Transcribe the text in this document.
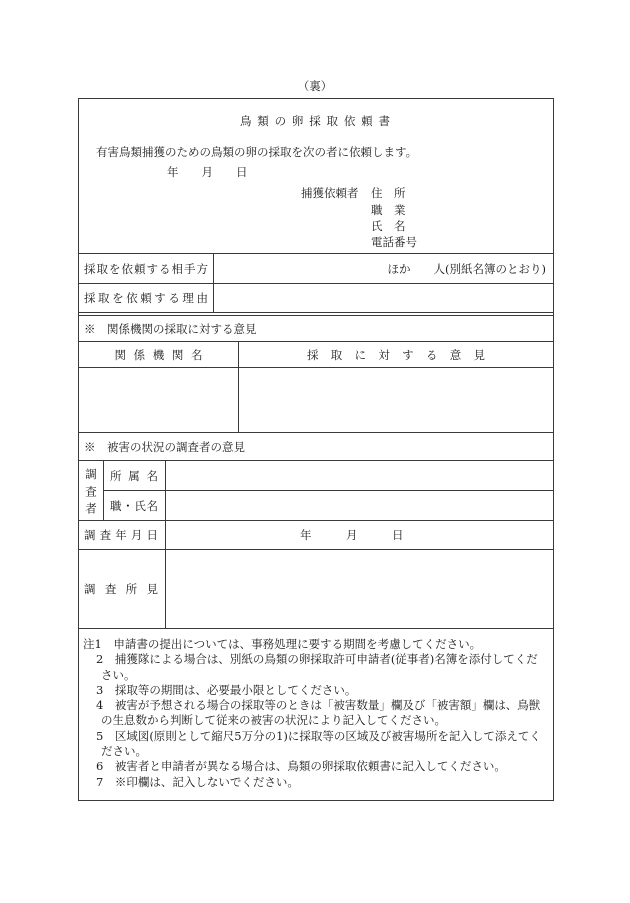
（裏）
鳥類の卵採取依頼書
有害鳥類捕獲のための鳥類の卵の採取を次の者に依頼します。
年　　月　　日
捕獲依頼者 住　所
職　業
氏　名
電話番号
採取を依頼する相手方	ほか　　人(別紙名簿のとおり)
採取を依頼する理由
※　関係機関の採取に対する意見
関係機関名	採取に対する意見
※　被害の状況の調査者の意見
調査者 所属名
職・氏名
調査年月日	年　　　月　　　日
調査所見
注1　申請書の提出については、事務処理に要する期間を考慮してください。
2　捕獲隊による場合は、別紙の鳥類の卵採取許可申請者(従事者)名簿を添付してくだ
さい。
3　採取等の期間は、必要最小限としてください。
4　被害が予想される場合の採取等のときは「被害数量」欄及び「被害額」欄は、鳥獣
の生息数から判断して従来の被害の状況により記入してください。
5　区域図(原則として縮尺5万分の1)に採取等の区域及び被害場所を記入して添えてく
ださい。
6　被害者と申請者が異なる場合は、鳥類の卵採取依頼書に記入してください。
7　※印欄は、記入しないでください。
